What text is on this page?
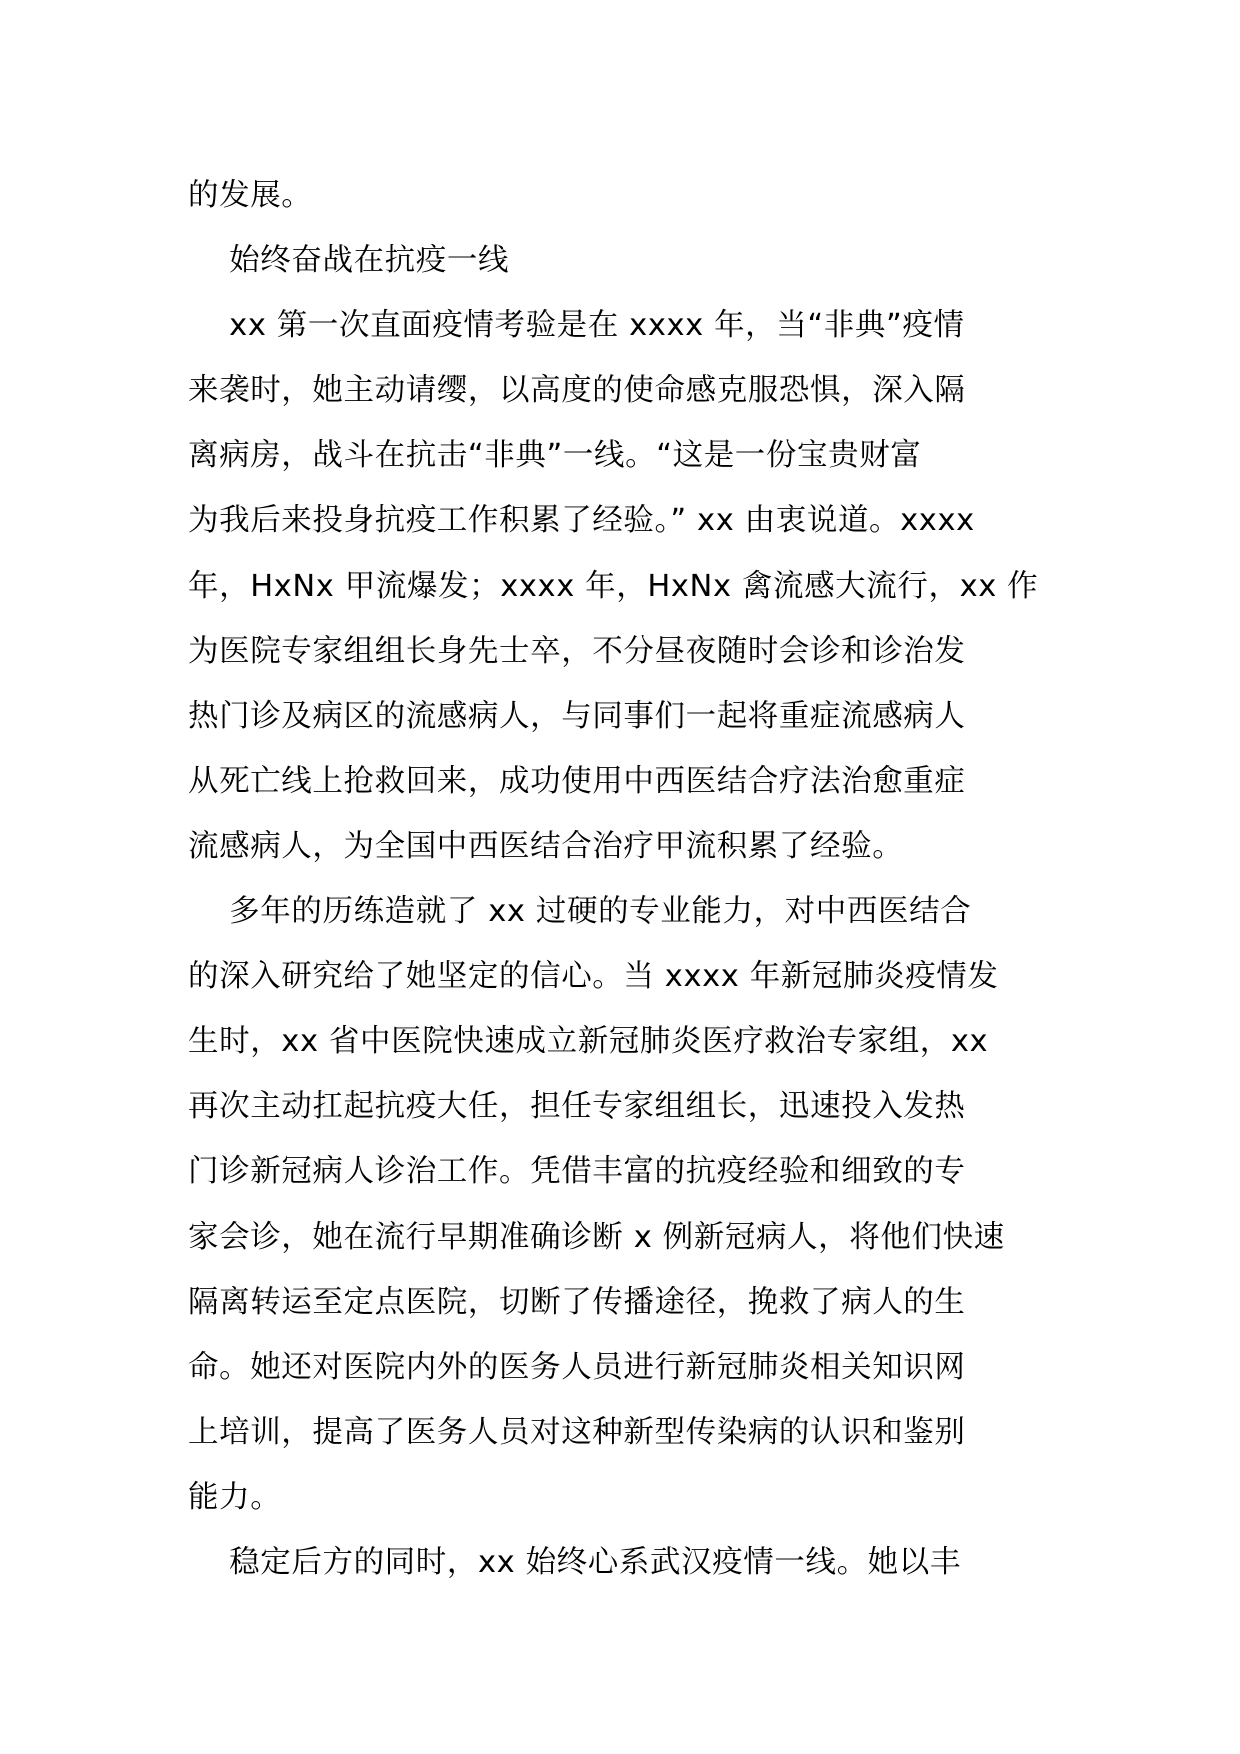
的发展。
始终奋战在抗疫一线
xx 第一次直面疫情考验是在 xxxx 年，当“非典”疫情
来袭时，她主动请缨，以高度的使命感克服恐惧，深入隔
离病房，战斗在抗击“非典”一线。“这是一份宝贵财富
为我后来投身抗疫工作积累了经验。” xx 由衷说道。xxxx
年，HxNx 甲流爆发；xxxx 年，HxNx 禽流感大流行，xx 作
为医院专家组组长身先士卒，不分昼夜随时会诊和诊治发
热门诊及病区的流感病人，与同事们一起将重症流感病人
从死亡线上抢救回来，成功使用中西医结合疗法治愈重症
流感病人，为全国中西医结合治疗甲流积累了经验。
多年的历练造就了 xx 过硬的专业能力，对中西医结合
的深入研究给了她坚定的信心。当 xxxx 年新冠肺炎疫情发
生时，xx 省中医院快速成立新冠肺炎医疗救治专家组，xx
再次主动扛起抗疫大任，担任专家组组长，迅速投入发热
门诊新冠病人诊治工作。凭借丰富的抗疫经验和细致的专
家会诊，她在流行早期准确诊断 x 例新冠病人，将他们快速
隔离转运至定点医院，切断了传播途径，挽救了病人的生
命。她还对医院内外的医务人员进行新冠肺炎相关知识网
上培训，提高了医务人员对这种新型传染病的认识和鉴别
能力。
稳定后方的同时，xx 始终心系武汉疫情一线。她以丰
